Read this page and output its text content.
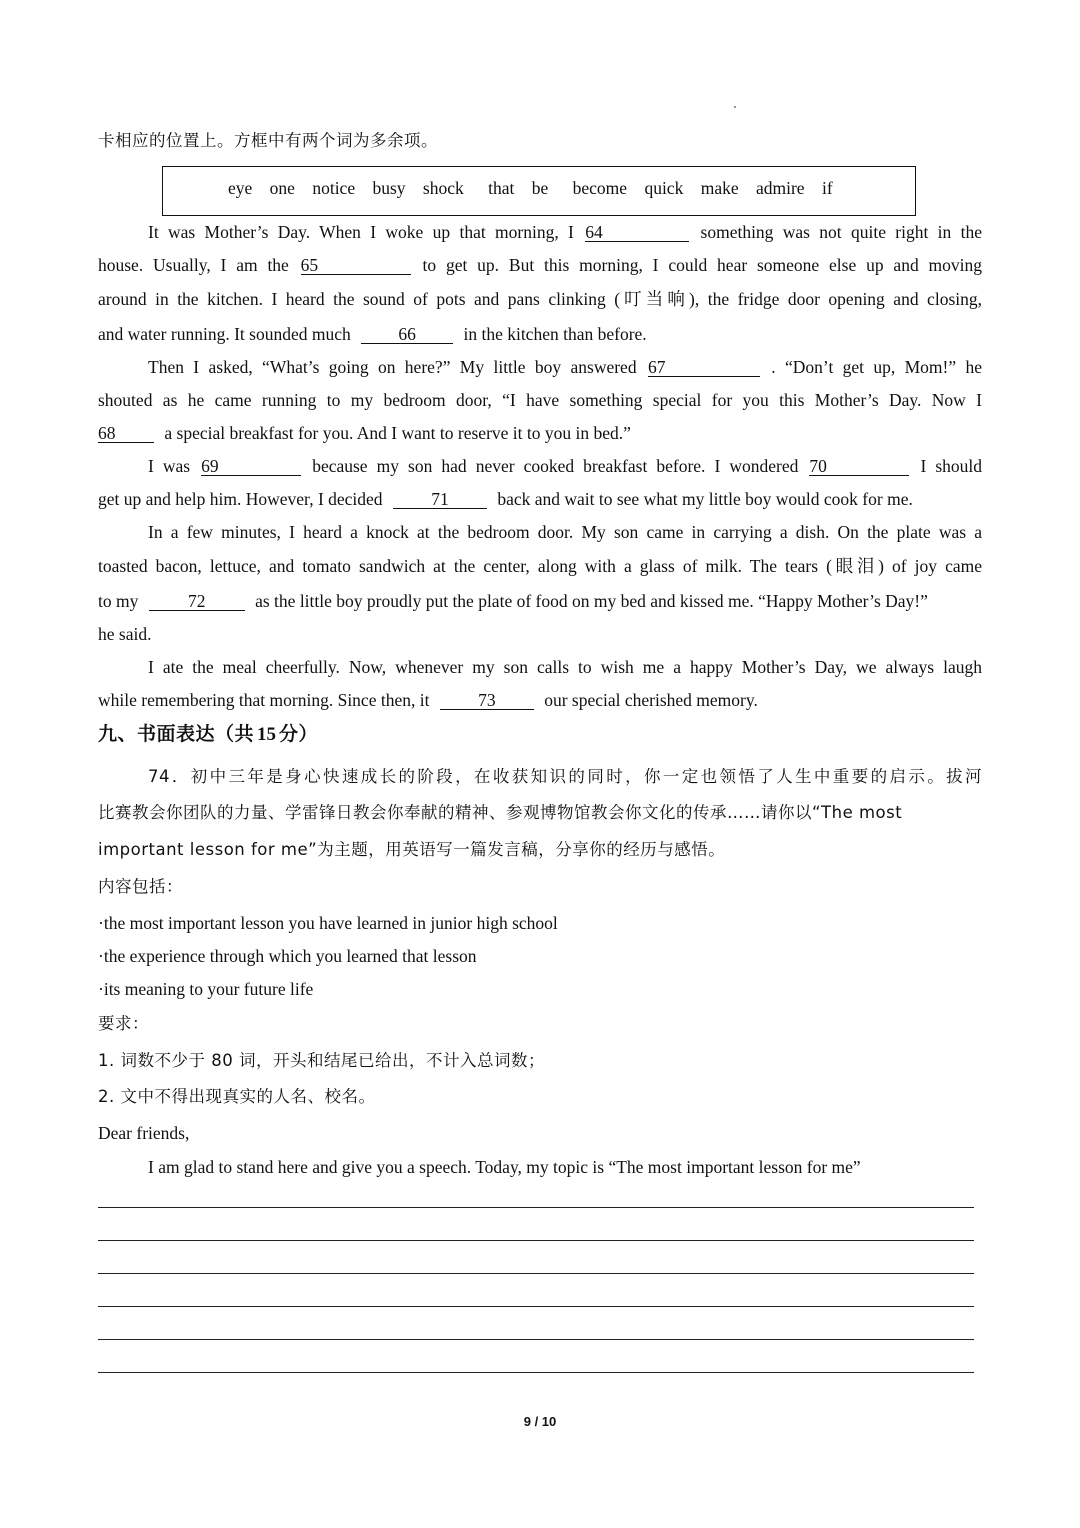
卡相应的位置上。方框中有两个词为多余项。
eye one notice busy shock that be become quick make admire if
It was Mother’s Day. When I woke up that morning, I 64	something was not quite right in the
house. Usually, I am the 65	to get up. But this morning, I could hear someone else up and moving
around in the kitchen. I heard the sound of pots and pans clinking (叮当响), the fridge door opening and closing,
and water running. It sounded much	66	in the kitchen than before.
Then I asked, “What’s going on here?” My little boy answered 67	. “Don’t get up, Mom!” he
shouted as he came running to my bedroom door, “I have something special for you this Mother’s Day. Now I
68	a special breakfast for you. And I want to reserve it to you in bed.”
I was 69	because my son had never cooked breakfast before. I wondered 70	I should
get up and help him. However, I decided	71	back and wait to see what my little boy would cook for me.
In a few minutes, I heard a knock at the bedroom door. My son came in carrying a dish. On the plate was a
toasted bacon, lettuce, and tomato sandwich at the center, along with a glass of milk. The tears (眼泪) of joy came
to my	72	as the little boy proudly put the plate of food on my bed and kissed me. “Happy Mother’s Day!”
he said.
I ate the meal cheerfully. Now, whenever my son calls to wish me a happy Mother’s Day, we always laugh
while remembering that morning. Since then, it	73	our special cherished memory.
九、书面表达（共 15 分）
74．初中三年是身心快速成长的阶段，在收获知识的同时，你一定也领悟了人生中重要的启示。拔河
比赛教会你团队的力量、学雷锋日教会你奉献的精神、参观博物馆教会你文化的传承……请你以“The most
important lesson for me”为主题，用英语写一篇发言稿，分享你的经历与感悟。
内容包括：
·the most important lesson you have learned in junior high school
·the experience through which you learned that lesson
·its meaning to your future life
要求：
1. 词数不少于 80 词，开头和结尾已给出，不计入总词数；
2. 文中不得出现真实的人名、校名。
Dear friends,
I am glad to stand here and give you a speech. Today, my topic is “The most important lesson for me”
9 / 10
